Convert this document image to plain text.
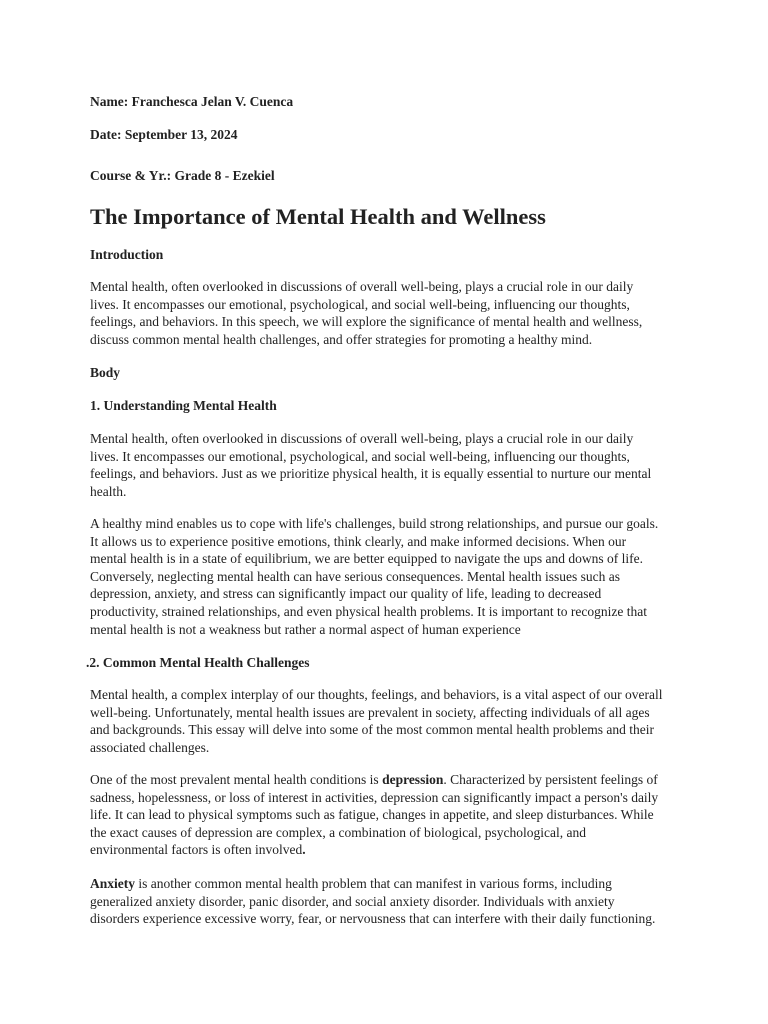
Name: Franchesca Jelan V. Cuenca
Date: September 13, 2024
Course & Yr.: Grade 8 - Ezekiel
The Importance of Mental Health and Wellness
Introduction

Mental health, often overlooked in discussions of overall well-being, plays a crucial role in our daily
lives. It encompasses our emotional, psychological, and social well-being, influencing our thoughts,
feelings, and behaviors. In this speech, we will explore the significance of mental health and wellness,
discuss common mental health challenges, and offer strategies for promoting a healthy mind.

Body
1. Understanding Mental Health

Mental health, often overlooked in discussions of overall well-being, plays a crucial role in our daily
lives. It encompasses our emotional, psychological, and social well-being, influencing our thoughts,
feelings, and behaviors. Just as we prioritize physical health, it is equally essential to nurture our mental
health.

A healthy mind enables us to cope with life's challenges, build strong relationships, and pursue our goals.
It allows us to experience positive emotions, think clearly, and make informed decisions. When our
mental health is in a state of equilibrium, we are better equipped to navigate the ups and downs of life.
Conversely, neglecting mental health can have serious consequences. Mental health issues such as
depression, anxiety, and stress can significantly impact our quality of life, leading to decreased
productivity, strained relationships, and even physical health problems. It is important to recognize that
mental health is not a weakness but rather a normal aspect of human experience

.2. Common Mental Health Challenges

Mental health, a complex interplay of our thoughts, feelings, and behaviors, is a vital aspect of our overall
well-being. Unfortunately, mental health issues are prevalent in society, affecting individuals of all ages
and backgrounds. This essay will delve into some of the most common mental health problems and their
associated challenges.

One of the most prevalent mental health conditions is depression. Characterized by persistent feelings of
sadness, hopelessness, or loss of interest in activities, depression can significantly impact a person's daily
life. It can lead to physical symptoms such as fatigue, changes in appetite, and sleep disturbances. While
the exact causes of depression are complex, a combination of biological, psychological, and
environmental factors is often involved.

Anxiety is another common mental health problem that can manifest in various forms, including
generalized anxiety disorder, panic disorder, and social anxiety disorder. Individuals with anxiety
disorders experience excessive worry, fear, or nervousness that can interfere with their daily functioning.
